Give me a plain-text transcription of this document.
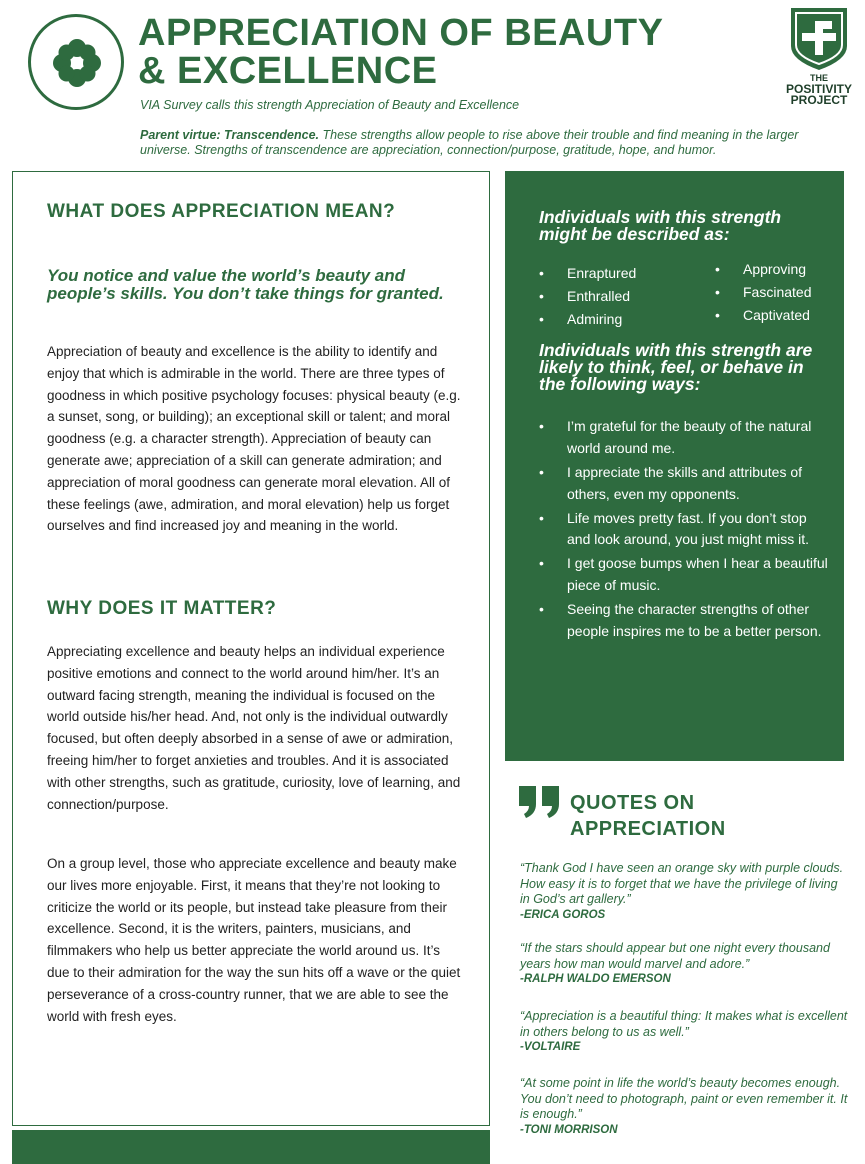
APPRECIATION OF BEAUTY
& EXCELLENCE
VIA Survey calls this strength Appreciation of Beauty and Excellence
THE
POSITIVITY
PROJECT

Parent virtue: Transcendence. These strengths allow people to rise above their trouble and find meaning in the larger universe. Strengths of transcendence are appreciation, connection/purpose, gratitude, hope, and humor.

WHAT DOES APPRECIATION MEAN?

You notice and value the world’s beauty and people’s skills. You don’t take things for granted.

Appreciation of beauty and excellence is the ability to identify and enjoy that which is admirable in the world. There are three types of goodness in which positive psychology focuses: physical beauty (e.g. a sunset, song, or building); an exceptional skill or talent; and moral goodness (e.g. a character strength). Appreciation of beauty can generate awe; appreciation of a skill can generate admiration; and appreciation of moral goodness can generate moral elevation. All of these feelings (awe, admiration, and moral elevation) help us forget ourselves and find increased joy and meaning in the world.

WHY DOES IT MATTER?

Appreciating excellence and beauty helps an individual experience positive emotions and connect to the world around him/her. It’s an outward facing strength, meaning the individual is focused on the world outside his/her head. And, not only is the individual outwardly focused, but often deeply absorbed in a sense of awe or admiration, freeing him/her to forget anxieties and troubles. And it is associated with other strengths, such as gratitude, curiosity, love of learning, and connection/purpose.

On a group level, those who appreciate excellence and beauty make our lives more enjoyable. First, it means that they’re not looking to criticize the world or its people, but instead take pleasure from their excellence. Second, it is the writers, painters, musicians, and filmmakers who help us better appreciate the world around us. It’s due to their admiration for the way the sun hits off a wave or the quiet perseverance of a cross-country runner, that we are able to see the world with fresh eyes.

Individuals with this strength might be described as:
• Enraptured
• Enthralled
• Admiring
• Approving
• Fascinated
• Captivated
Individuals with this strength are likely to think, feel, or behave in the following ways:
• I’m grateful for the beauty of the natural world around me.
• I appreciate the skills and attributes of others, even my opponents.
• Life moves pretty fast. If you don’t stop and look around, you just might miss it.
• I get goose bumps when I hear a beautiful piece of music.
• Seeing the character strengths of other people inspires me to be a better person.
QUOTES ON APPRECIATION

“Thank God I have seen an orange sky with purple clouds. How easy it is to forget that we have the privilege of living in God’s art gallery.”
-ERICA GOROS

“If the stars should appear but one night every thousand years how man would marvel and adore.”
-RALPH WALDO EMERSON

“Appreciation is a beautiful thing: It makes what is excellent in others belong to us as well.”
-VOLTAIRE

“At some point in life the world’s beauty becomes enough. You don’t need to photograph, paint or even remember it. It is enough.”
-TONI MORRISON
